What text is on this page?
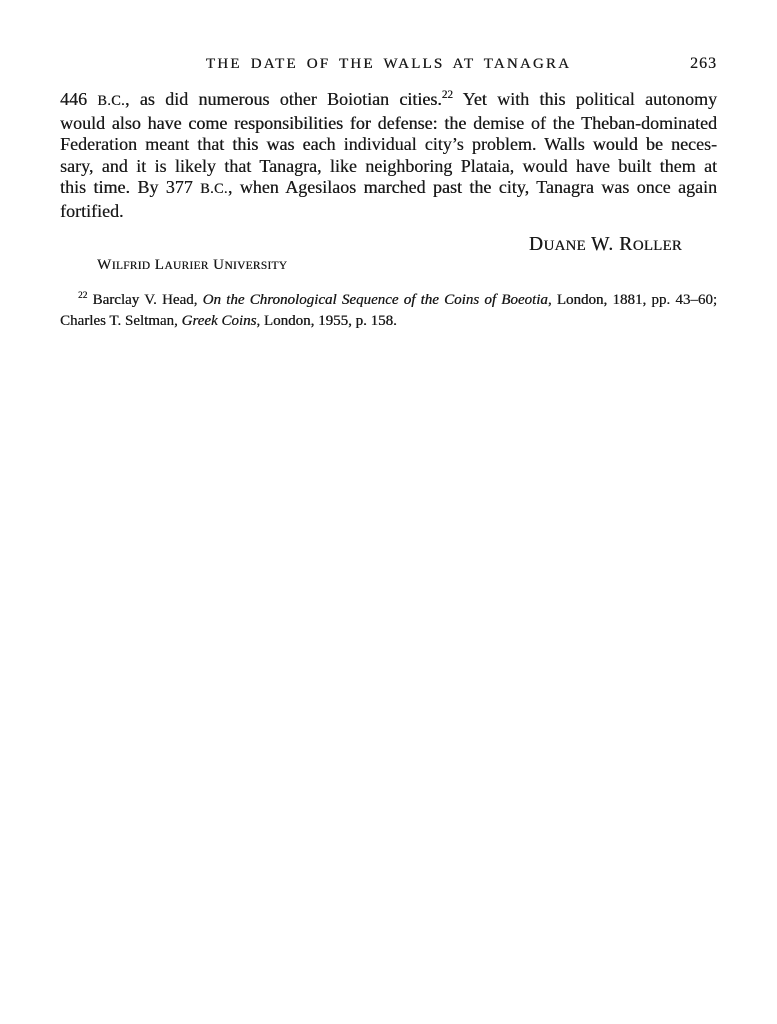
THE DATE OF THE WALLS AT TANAGRA	263
446 B.C., as did numerous other Boiotian cities.$^{22}$ Yet with this political autonomy
would also have come responsibilities for defense: the demise of the Theban-dominated
Federation meant that this was each individual city’s problem. Walls would be neces-
sary, and it is likely that Tanagra, like neighboring Plataia, would have built them at
this time. By 377 B.C., when Agesilaos marched past the city, Tanagra was once again
fortified.
DUANE W. ROLLER
WILFRID LAURIER UNIVERSITY
$^{22}$ Barclay V. Head, On the Chronological Sequence of the Coins of Boeotia, London, 1881, pp. 43–60;
Charles T. Seltman, Greek Coins, London, 1955, p. 158.
